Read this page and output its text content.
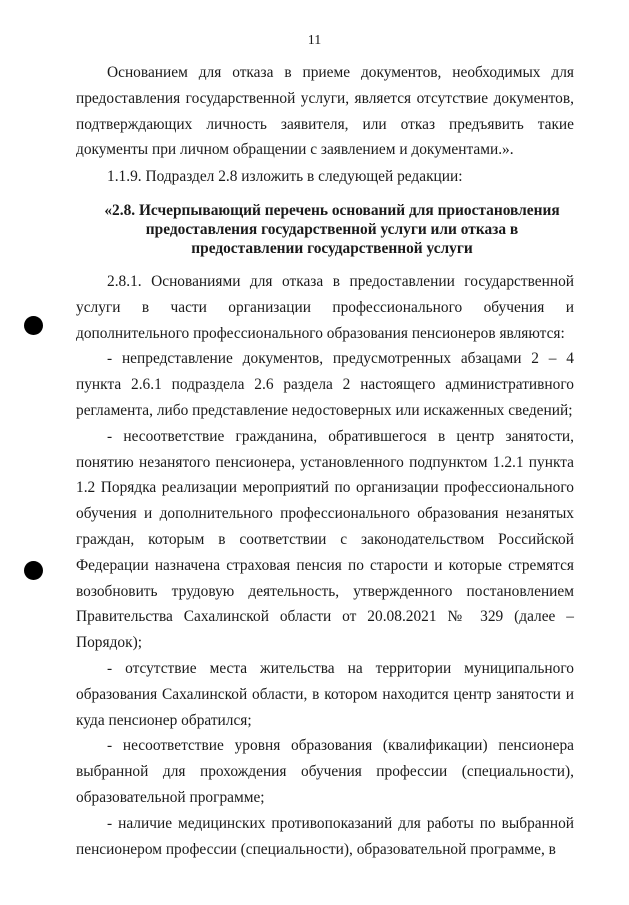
11

Основанием для отказа в приеме документов, необходимых для предоставления государственной услуги, является отсутствие документов, подтверждающих личность заявителя, или отказ предъявить такие документы при личном обращении с заявлением и документами.».

1.1.9. Подраздел 2.8 изложить в следующей редакции:

«2.8. Исчерпывающий перечень оснований для приостановления
предоставления государственной услуги или отказа в
предоставлении государственной услуги

2.8.1. Основаниями для отказа в предоставлении государственной услуги в части организации профессионального обучения и дополнительного профессионального образования пенсионеров являются:

- непредставление документов, предусмотренных абзацами 2 – 4 пункта 2.6.1 подраздела 2.6 раздела 2 настоящего административного регламента, либо представление недостоверных или искаженных сведений;

- несоответствие гражданина, обратившегося в центр занятости, понятию незанятого пенсионера, установленного подпунктом 1.2.1 пункта 1.2 Порядка реализации мероприятий по организации профессионального обучения и дополнительного профессионального образования незанятых граждан, которым в соответствии с законодательством Российской Федерации назначена страховая пенсия по старости и которые стремятся возобновить трудовую деятельность, утвержденного постановлением Правительства Сахалинской области от 20.08.2021 № 329 (далее – Порядок);

- отсутствие места жительства на территории муниципального образования Сахалинской области, в котором находится центр занятости и куда пенсионер обратился;

- несоответствие уровня образования (квалификации) пенсионера выбранной для прохождения обучения профессии (специальности), образовательной программе;

- наличие медицинских противопоказаний для работы по выбранной пенсионером профессии (специальности), образовательной программе, в
